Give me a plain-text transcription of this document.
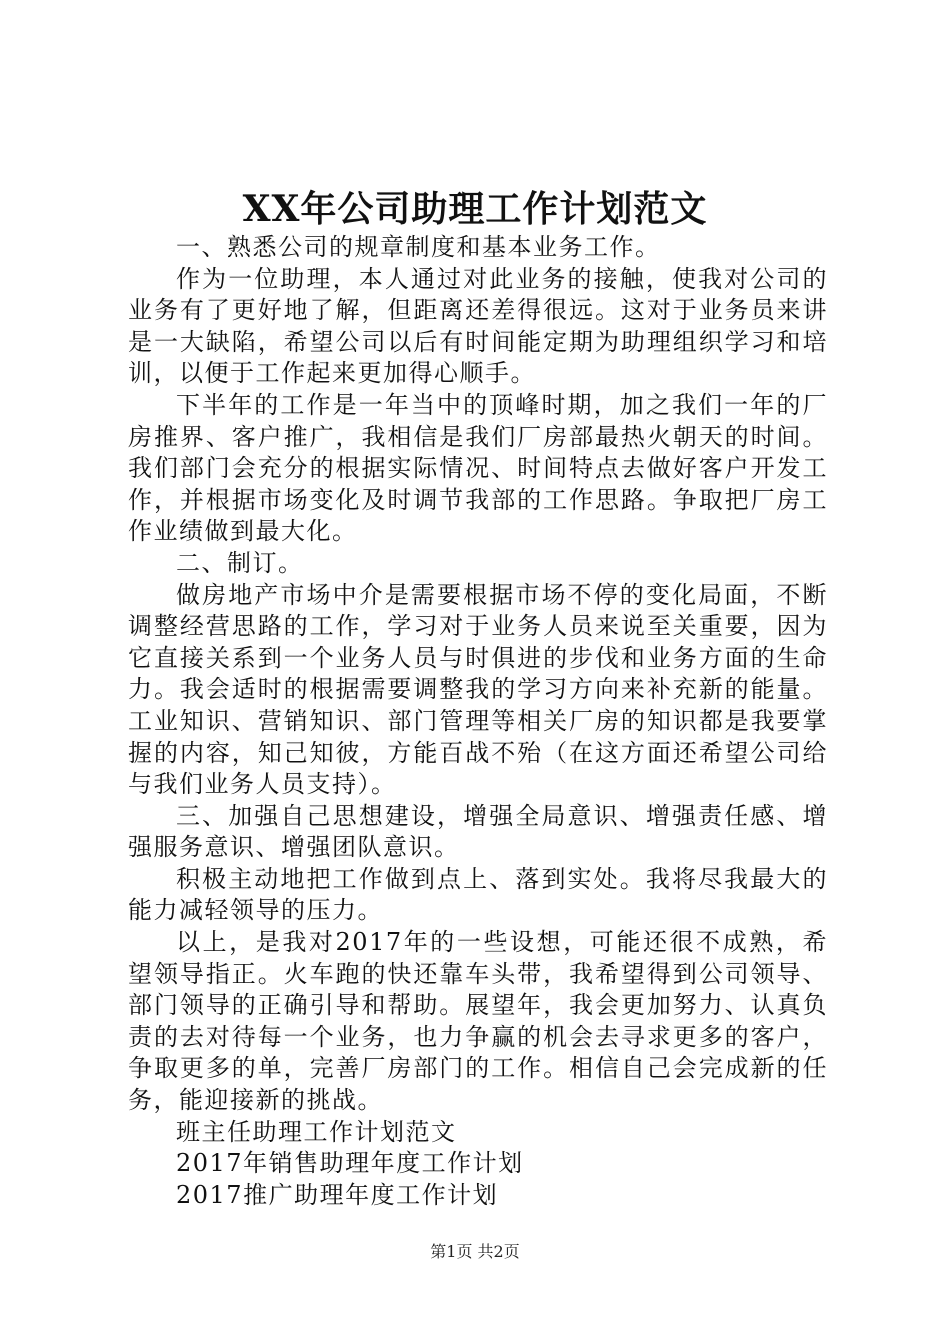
XX年公司助理工作计划范文

一、熟悉公司的规章制度和基本业务工作。

作为一位助理，本人通过对此业务的接触，使我对公司的业务有了更好地了解，但距离还差得很远。这对于业务员来讲是一大缺陷，希望公司以后有时间能定期为助理组织学习和培训，以便于工作起来更加得心顺手。

下半年的工作是一年当中的顶峰时期，加之我们一年的厂房推界、客户推广，我相信是我们厂房部最热火朝天的时间。我们部门会充分的根据实际情况、时间特点去做好客户开发工作，并根据市场变化及时调节我部的工作思路。争取把厂房工作业绩做到最大化。

二、制订。

做房地产市场中介是需要根据市场不停的变化局面，不断调整经营思路的工作，学习对于业务人员来说至关重要，因为它直接关系到一个业务人员与时俱进的步伐和业务方面的生命力。我会适时的根据需要调整我的学习方向来补充新的能量。工业知识、营销知识、部门管理等相关厂房的知识都是我要掌握的内容，知己知彼，方能百战不殆（在这方面还希望公司给与我们业务人员支持）。

三、加强自己思想建设，增强全局意识、增强责任感、增强服务意识、增强团队意识。

积极主动地把工作做到点上、落到实处。我将尽我最大的能力减轻领导的压力。

以上，是我对2017年的一些设想，可能还很不成熟，希望领导指正。火车跑的快还靠车头带，我希望得到公司领导、部门领导的正确引导和帮助。展望年，我会更加努力、认真负责的去对待每一个业务，也力争赢的机会去寻求更多的客户，争取更多的单，完善厂房部门的工作。相信自己会完成新的任务，能迎接新的挑战。

班主任助理工作计划范文
2017年销售助理年度工作计划
2017推广助理年度工作计划
第1页 共2页
